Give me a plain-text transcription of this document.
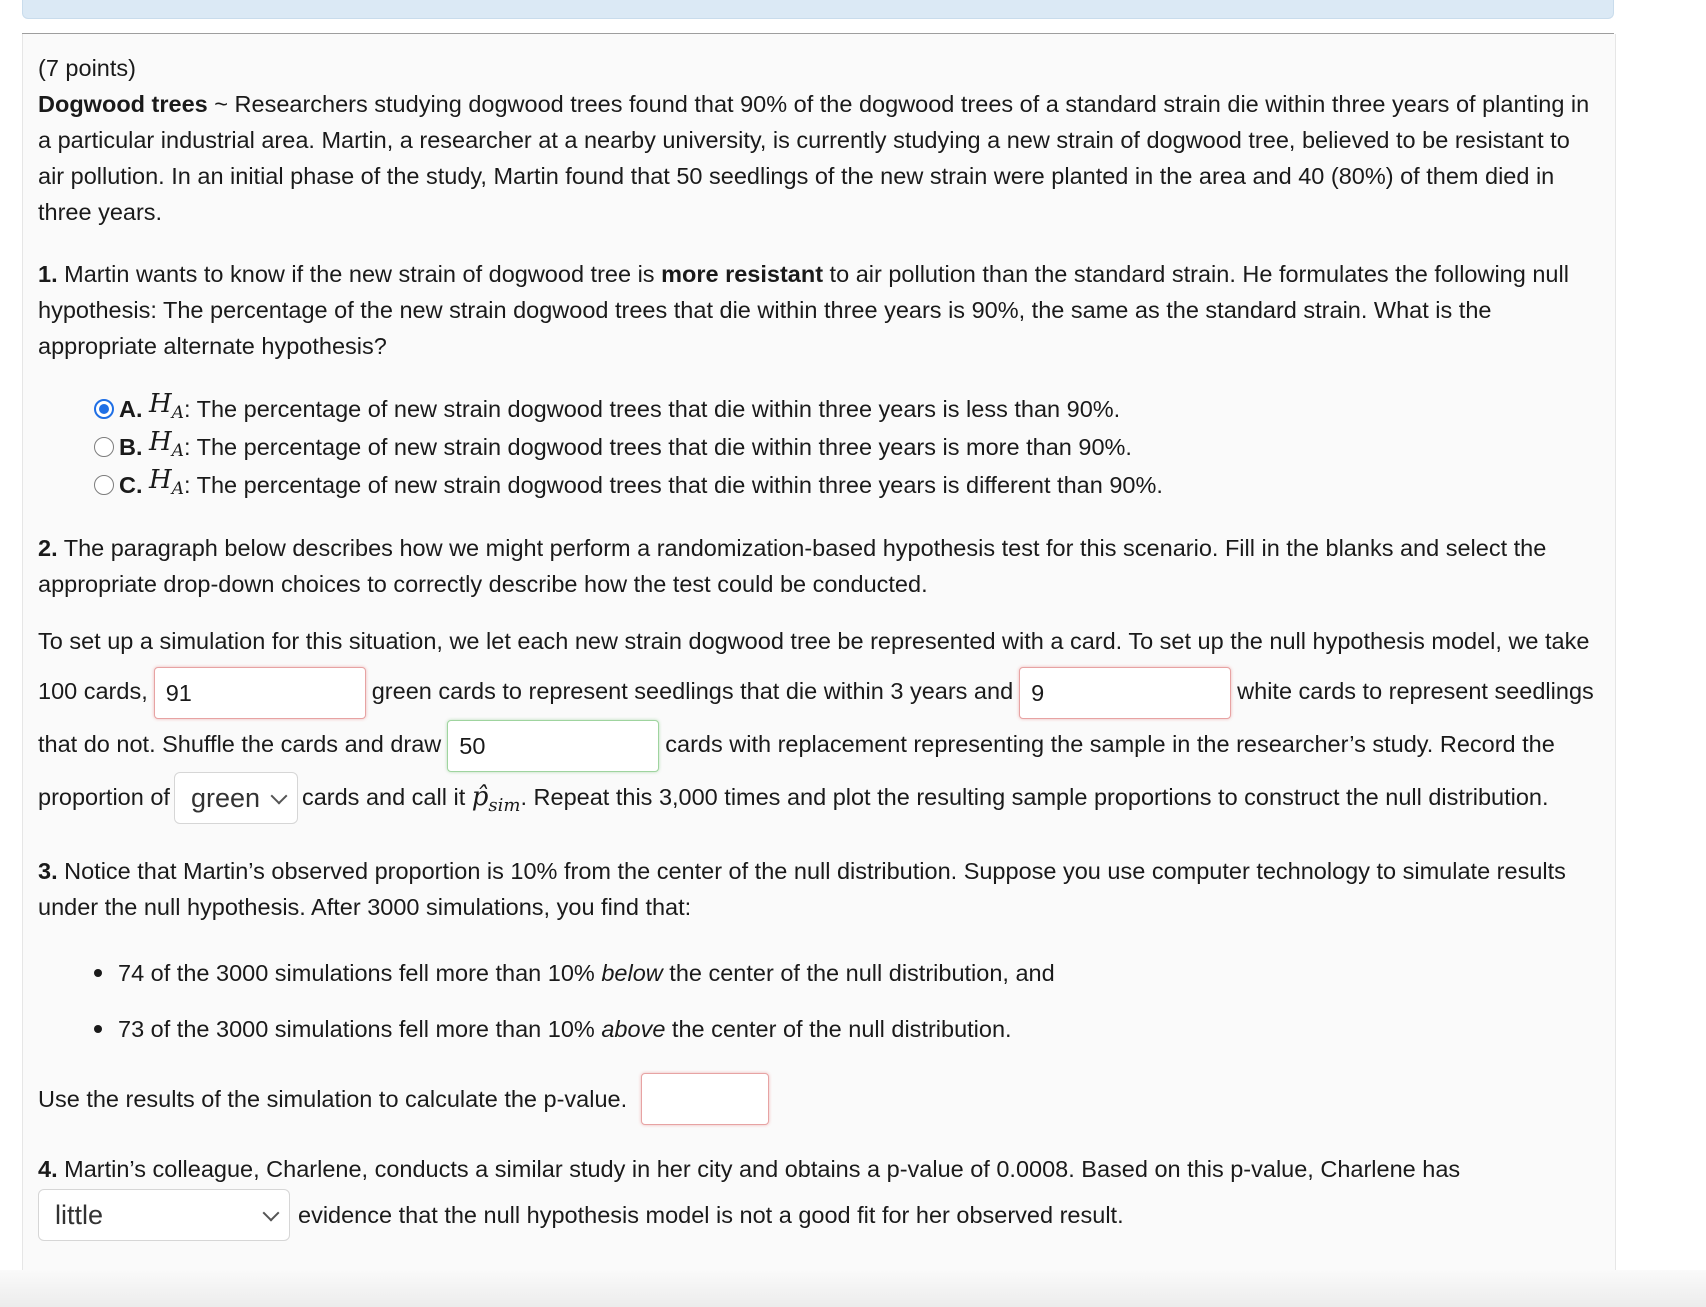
(7 points)

Dogwood trees ~ Researchers studying dogwood trees found that 90% of the dogwood trees of a standard strain die within three years of planting in a particular industrial area. Martin, a researcher at a nearby university, is currently studying a new strain of dogwood tree, believed to be resistant to air pollution. In an initial phase of the study, Martin found that 50 seedlings of the new strain were planted in the area and 40 (80%) of them died in three years.

1. Martin wants to know if the new strain of dogwood tree is more resistant to air pollution than the standard strain. He formulates the following null hypothesis: The percentage of the new strain dogwood trees that die within three years is 90%, the same as the standard strain. What is the appropriate alternate hypothesis?

A.
$H_A$ : The percentage of new strain dogwood trees that die within three years is less than 90%.
B.
$H_A$ : The percentage of new strain dogwood trees that die within three years is more than 90%.
C.
$H_A$ : The percentage of new strain dogwood trees that die within three years is different than 90%.

2. The paragraph below describes how we might perform a randomization-based hypothesis test for this scenario. Fill in the blanks and select the appropriate drop-down choices to correctly describe how the test could be conducted.

To set up a simulation for this situation, we let each new strain dogwood tree be represented with a card. To set up the null hypothesis model, we take 100 cards, 91	green cards to represent seedlings that die within 3 years and 9	white cards to represent seedlings that do not. Shuffle the cards and draw 50	cards with replacement representing the sample in the researcher’s study. Record the proportion of green cards and call it $p̂_{sim}$. Repeat this 3,000 times and plot the resulting sample proportions to construct the null distribution.

3. Notice that Martin’s observed proportion is 10% from the center of the null distribution. Suppose you use computer technology to simulate results under the null hypothesis. After 3000 simulations, you find that:

74 of the 3000 simulations fell more than 10% below the center of the null distribution, and
73 of the 3000 simulations fell more than 10% above the center of the null distribution.
Use the results of the simulation to calculate the p-value.

4. Martin’s colleague, Charlene, conducts a similar study in her city and obtains a p-value of 0.0008. Based on this p-value, Charlene has

little	evidence that the null hypothesis model is not a good fit for her observed result.
